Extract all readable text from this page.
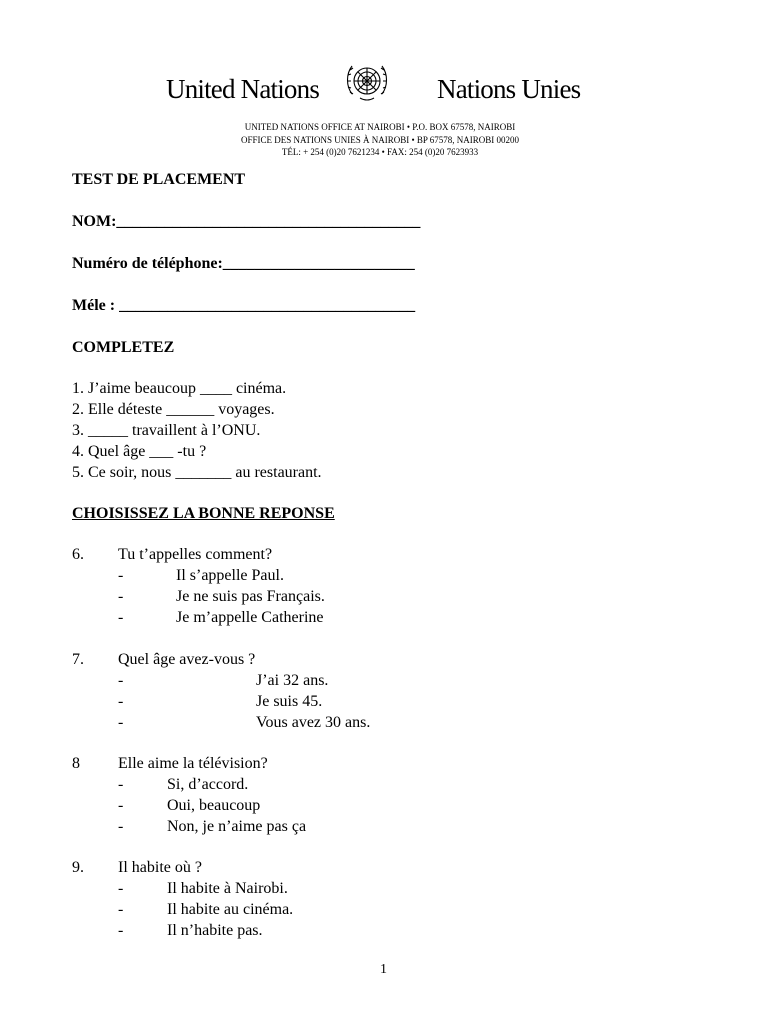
United Nations	Nations Unies
UNITED NATIONS OFFICE AT NAIROBI • P.O. BOX 67578, NAIROBI
OFFICE DES NATIONS UNIES À NAIROBI • BP 67578, NAIROBI 00200
TÉL: + 254 (0)20 7621234 • FAX: 254 (0)20 7623933
TEST DE PLACEMENT
NOM:______________________________________
Numéro de téléphone:________________________
Méle : _____________________________________
COMPLETEZ
1. J’aime beaucoup ____ cinéma.
2. Elle déteste ______ voyages.
3. _____ travaillent à l’ONU.
4. Quel âge ___ -tu ?
5. Ce soir, nous _______ au restaurant.
CHOISISSEZ LA BONNE REPONSE
6. Tu t’appelles comment?
-	Il s’appelle Paul.
-	Je ne suis pas Français.
-	Je m’appelle Catherine
7. Quel âge avez-vous ?
-	J’ai 32 ans.
-	Je suis 45.
-	Vous avez 30 ans.
8 Elle aime la télévision?
-	Si, d’accord.
-	Oui, beaucoup
-	Non, je n’aime pas ça
9. Il habite où ?
-	Il habite à Nairobi.
-	Il habite au cinéma.
-	Il n’habite pas.
1
